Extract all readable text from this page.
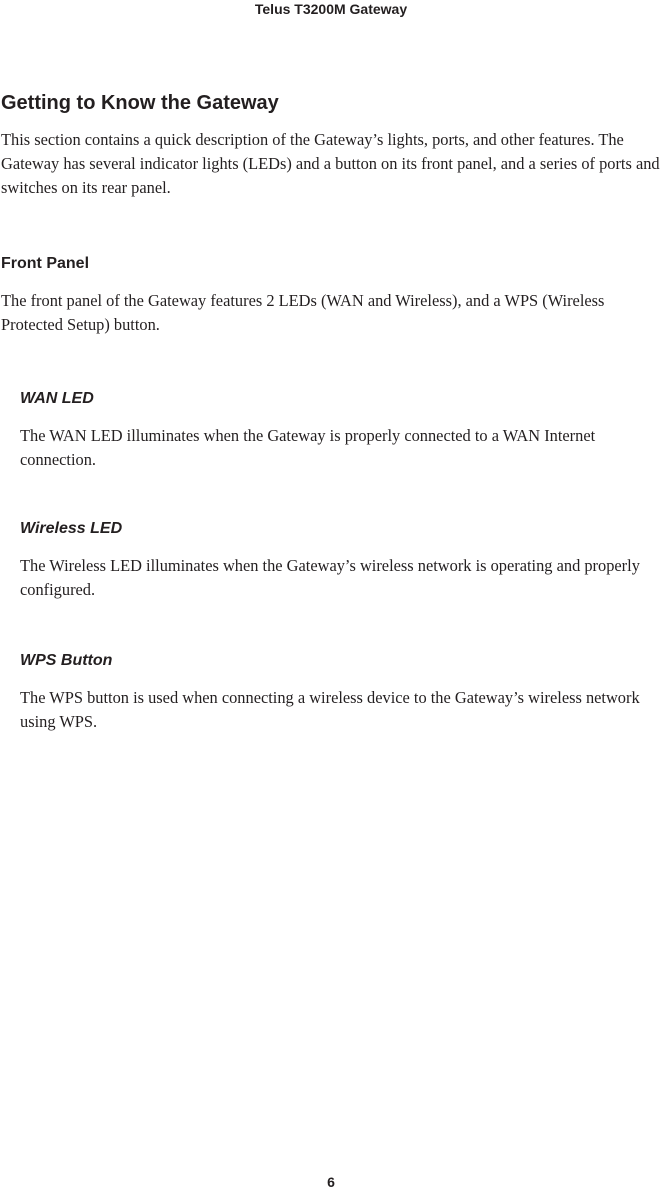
Telus T3200M Gateway
Getting to Know the Gateway

This section contains a quick description of the Gateway’s lights, ports, and other features. The Gateway has several indicator lights (LEDs) and a button on its front panel, and a series of ports and switches on its rear panel.

Front Panel

The front panel of the Gateway features 2 LEDs (WAN and Wireless), and a WPS (Wireless Protected Setup) button.

WAN LED

The WAN LED illuminates when the Gateway is properly connected to a WAN Internet connection.

Wireless LED

The Wireless LED illuminates when the Gateway’s wireless network is operating and properly configured.

WPS Button

The WPS button is used when connecting a wireless device to the Gateway’s wireless network using WPS.

6
